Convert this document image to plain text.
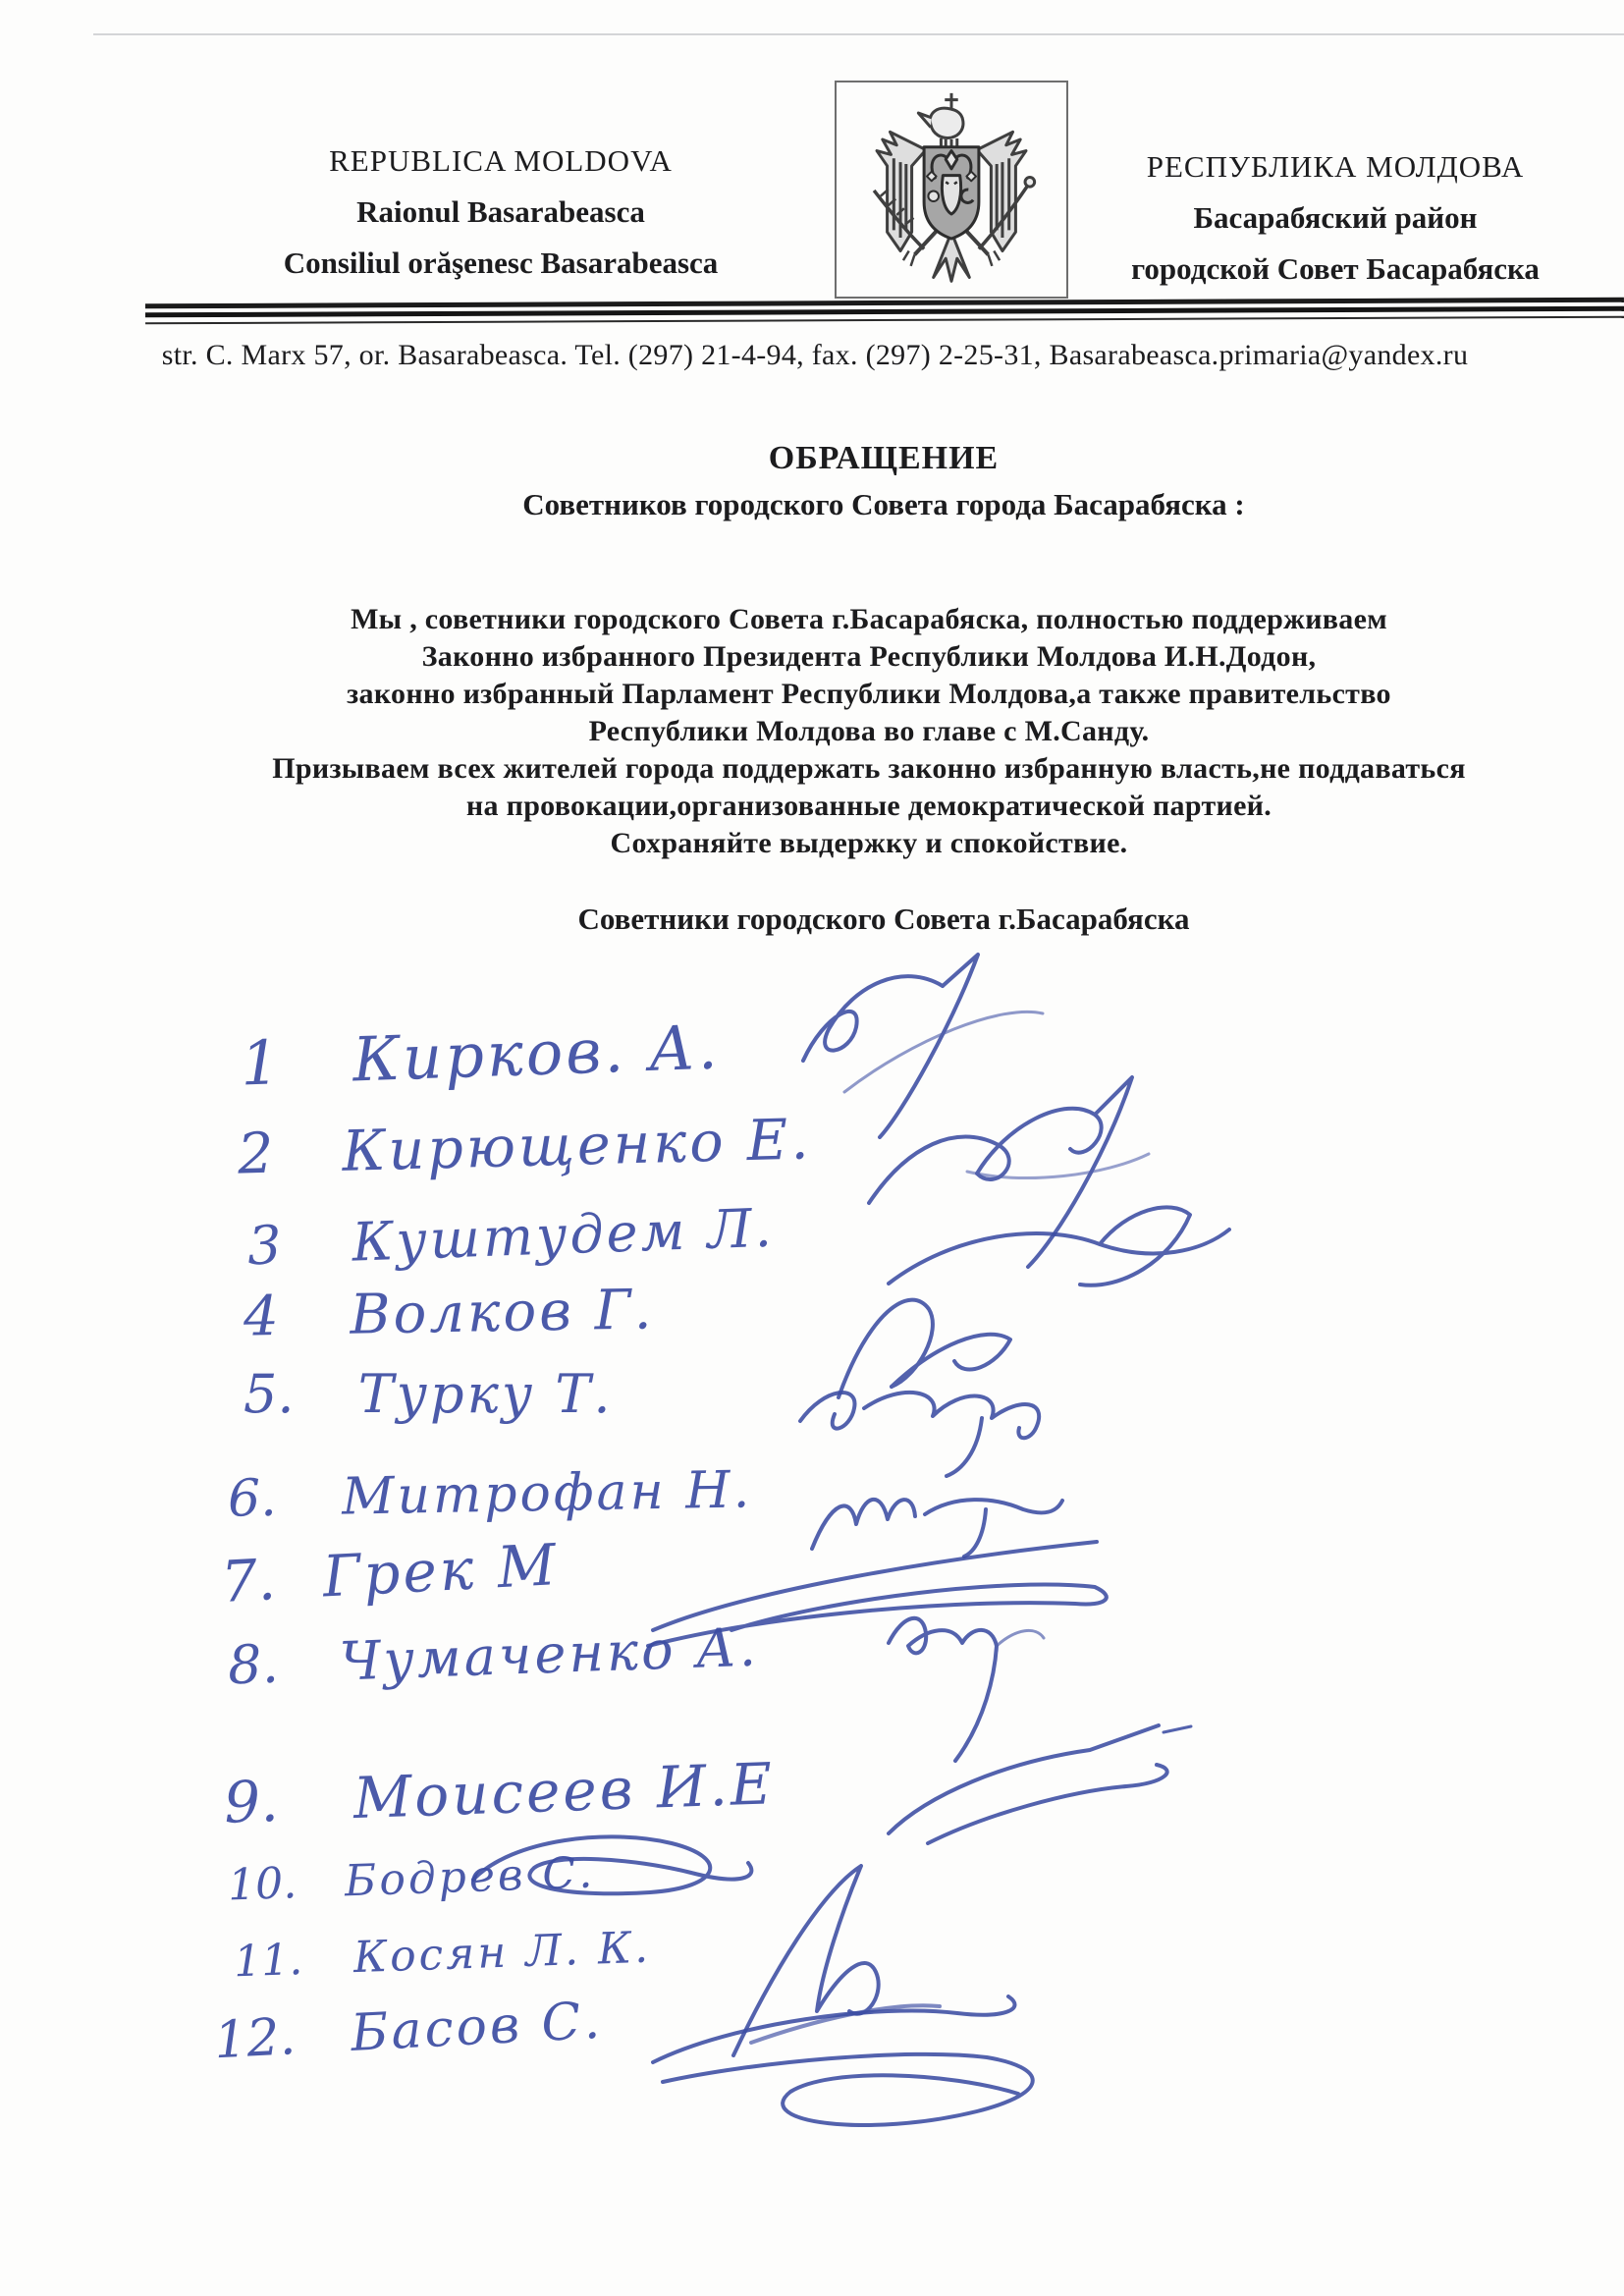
REPUBLICA MOLDOVA
Raionul Basarabeasca
Consiliul orăşenesc Basarabeasca
РЕСПУБЛИКА МОЛДОВА
Басарабяский район
городской Совет Басарабяска
str. C. Marx 57, or. Basarabeasca. Tel. (297) 21-4-94, fax. (297) 2-25-31, Basarabeasca.primaria@yandex.ru
ОБРАЩЕНИЕ
Советников городского Совета города Басарабяска :
Мы , советники городского Совета г.Басарабяска, полностью поддерживаем
Законно избранного Президента Республики Молдова И.Н.Додон,
законно избранный Парламент Республики Молдова,а также правительство
Республики Молдова во главе с М.Санду.
Призываем всех жителей города поддержать законно избранную власть,не поддаваться
на провокации,организованные демократической партией.
Сохраняйте выдержку и спокойствие.
Советники городского Совета г.Басарабяска
1 Кирков. А.
2 Кирющенко Е.
3 Куштудем Л.
4 Волков Г.
5. Турку Т.
6. Митрофан Н.
7. Грек М
8. Чумаченко А.
9. Моисеев И.Е
10. Бодрев С.
11. Косян Л. К.
12. Басов С.
